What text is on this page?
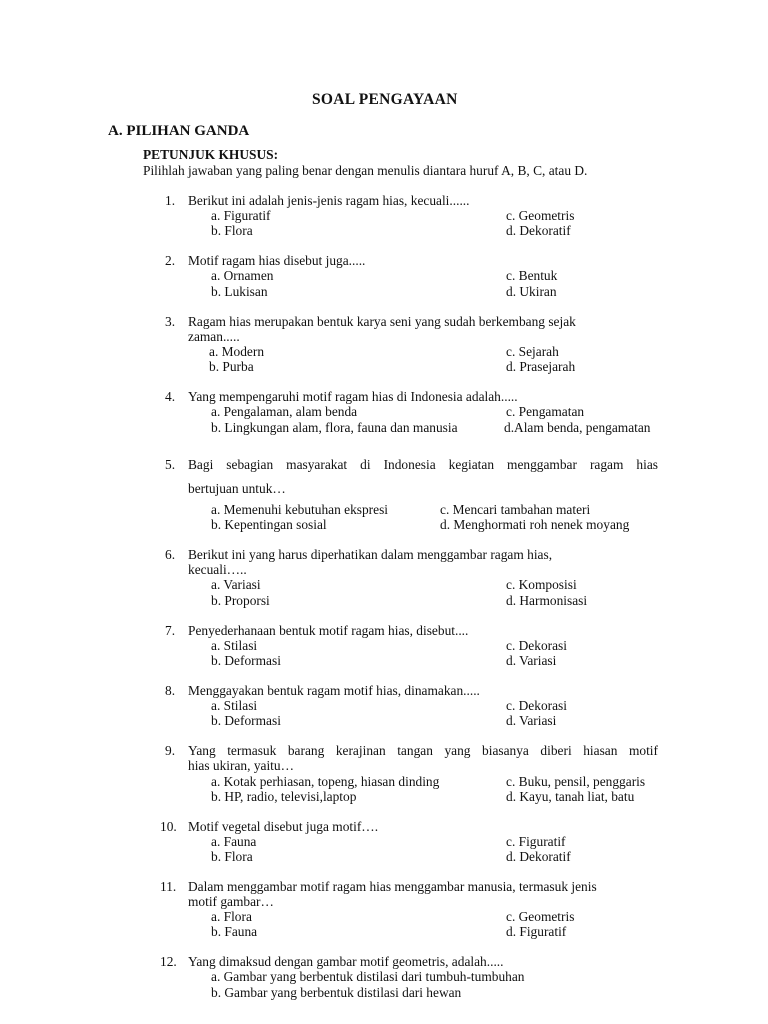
SOAL PENGAYAAN
A. PILIHAN GANDA
PETUNJUK KHUSUS:
Pilihlah jawaban yang paling benar dengan menulis diantara huruf A, B, C, atau D.
1. Berikut ini adalah jenis-jenis ragam hias, kecuali......
a. Figuratif
b. Flora
c. Geometris
d. Dekoratif
2. Motif ragam hias disebut juga.....
a. Ornamen
b. Lukisan
c. Bentuk
d. Ukiran
3. Ragam hias merupakan bentuk karya seni yang sudah berkembang sejak
zaman.....
a. Modern
b. Purba
c. Sejarah
d. Prasejarah
4. Yang mempengaruhi motif ragam hias di Indonesia adalah.....
a. Pengalaman, alam benda
b. Lingkungan alam, flora, fauna dan manusia
c. Pengamatan
d.Alam benda, pengamatan
5. Bagi sebagian masyarakat di Indonesia kegiatan menggambar ragam hias
bertujuan untuk…
a. Memenuhi kebutuhan ekspresi
b. Kepentingan sosial
c. Mencari tambahan materi
d. Menghormati roh nenek moyang
6. Berikut ini yang harus diperhatikan dalam menggambar ragam hias,
kecuali…..
a. Variasi
b. Proporsi
c. Komposisi
d. Harmonisasi
7. Penyederhanaan bentuk motif ragam hias, disebut....
a. Stilasi
b. Deformasi
c. Dekorasi
d. Variasi
8. Menggayakan bentuk ragam motif hias, dinamakan.....
a. Stilasi
b. Deformasi
c. Dekorasi
d. Variasi
9. Yang termasuk barang kerajinan tangan yang biasanya diberi hiasan motif
hias ukiran, yaitu…
a. Kotak perhiasan, topeng, hiasan dinding
b. HP, radio, televisi,laptop
c. Buku, pensil, penggaris
d. Kayu, tanah liat, batu
10. Motif vegetal disebut juga motif….
a. Fauna
b. Flora
c. Figuratif
d. Dekoratif
11. Dalam menggambar motif ragam hias menggambar manusia, termasuk jenis
motif gambar…
a. Flora
b. Fauna
c. Geometris
d. Figuratif
12. Yang dimaksud dengan gambar motif geometris, adalah.....
a. Gambar yang berbentuk distilasi dari tumbuh-tumbuhan
b. Gambar yang berbentuk distilasi dari hewan
